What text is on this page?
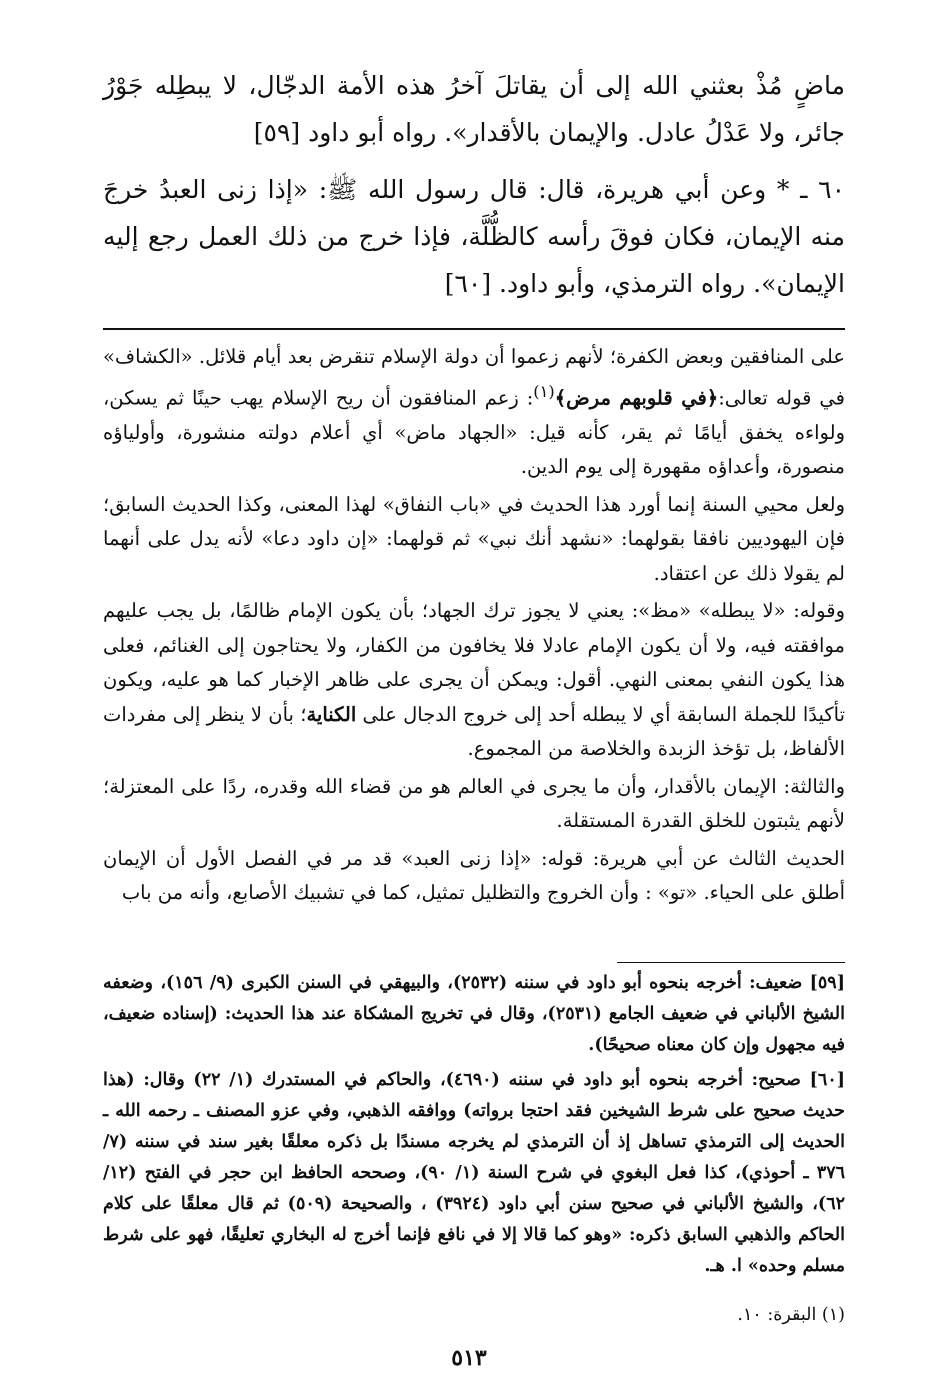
ماضٍ مُذْ بعثني الله إلى أن يقاتلَ آخرُ هذه الأمة الدجّال، لا يبطِله جَوْرُ جائر، ولا عَدْلُ عادل. والإيمان بالأقدار». رواه أبو داود [٥٩]

٦٠ ـ * وعن أبي هريرة، قال: قال رسول الله ﷺ: «إذا زنى العبدُ خرجَ منه الإيمان، فكان فوقَ رأسه كالظُّلَّة، فإذا خرج من ذلك العمل رجع إليه الإيمان». رواه الترمذي، وأبو داود. [٦٠]

على المنافقين وبعض الكفرة؛ لأنهم زعموا أن دولة الإسلام تنقرض بعد أيام قلائل. «الكشاف» في قوله تعالى:﴿في قلوبهم مرض﴾$^{(١)}$: زعم المنافقون أن ريح الإسلام يهب حينًا ثم يسكن، ولواءه يخفق أيامًا ثم يقر، كأنه قيل: «الجهاد ماض» أي أعلام دولته منشورة، وأولياؤه منصورة، وأعداؤه مقهورة إلى يوم الدين.

ولعل محيي السنة إنما أورد هذا الحديث في «باب النفاق» لهذا المعنى، وكذا الحديث السابق؛ فإن اليهوديين نافقا بقولهما: «نشهد أنك نبي» ثم قولهما: «إن داود دعا» لأنه يدل على أنهما لم يقولا ذلك عن اعتقاد.

وقوله: «لا يبطله» «مظ»: يعني لا يجوز ترك الجهاد؛ بأن يكون الإمام ظالمًا، بل يجب عليهم موافقته فيه، ولا أن يكون الإمام عادلا فلا يخافون من الكفار، ولا يحتاجون إلى الغنائم، فعلى هذا يكون النفي بمعنى النهي. أقول: ويمكن أن يجرى على ظاهر الإخبار كما هو عليه، ويكون تأكيدًا للجملة السابقة أي لا يبطله أحد إلى خروج الدجال على الكناية؛ بأن لا ينظر إلى مفردات الألفاظ، بل تؤخذ الزبدة والخلاصة من المجموع.

والثالثة: الإيمان بالأقدار، وأن ما يجرى في العالم هو من قضاء الله وقدره، ردًا على المعتزلة؛ لأنهم يثبتون للخلق القدرة المستقلة.

الحديث الثالث عن أبي هريرة: قوله: «إذا زنى العبد» قد مر في الفصل الأول أن الإيمان أطلق على الحياء. «تو» : وأن الخروج والتظليل تمثيل، كما في تشبيك الأصابع، وأنه من باب

[٥٩] ضعيف: أخرجه بنحوه أبو داود في سننه (٢٥٣٢)، والبيهقي في السنن الكبرى (٩/ ١٥٦)، وضعفه الشيخ الألباني في ضعيف الجامع (٢٥٣١)، وقال في تخريج المشكاة عند هذا الحديث: (إسناده ضعيف، فيه مجهول وإن كان معناه صحيحًا).

[٦٠] صحيح: أخرجه بنحوه أبو داود في سننه (٤٦٩٠)، والحاكم في المستدرك (١/ ٢٢) وقال: (هذا حديث صحيح على شرط الشيخين فقد احتجا برواته) ووافقه الذهبي، وفي عزو المصنف ـ رحمه الله ـ الحديث إلى الترمذي تساهل إذ أن الترمذي لم يخرجه مسندًا بل ذكره معلقًا بغير سند في سننه (٧/ ٣٧٦ ـ أحوذي)، كذا فعل البغوي في شرح السنة (١/ ٩٠)، وصححه الحافظ ابن حجر في الفتح (١٢/ ٦٢)، والشيخ الألباني في صحيح سنن أبي داود (٣٩٢٤) ، والصحيحة (٥٠٩) ثم قال معلقًا على كلام الحاكم والذهبي السابق ذكره: «وهو كما قالا إلا في نافع فإنما أخرج له البخاري تعليقًا، فهو على شرط مسلم وحده» ا. هـ.

(١) البقرة: ١٠.
٥١٣
